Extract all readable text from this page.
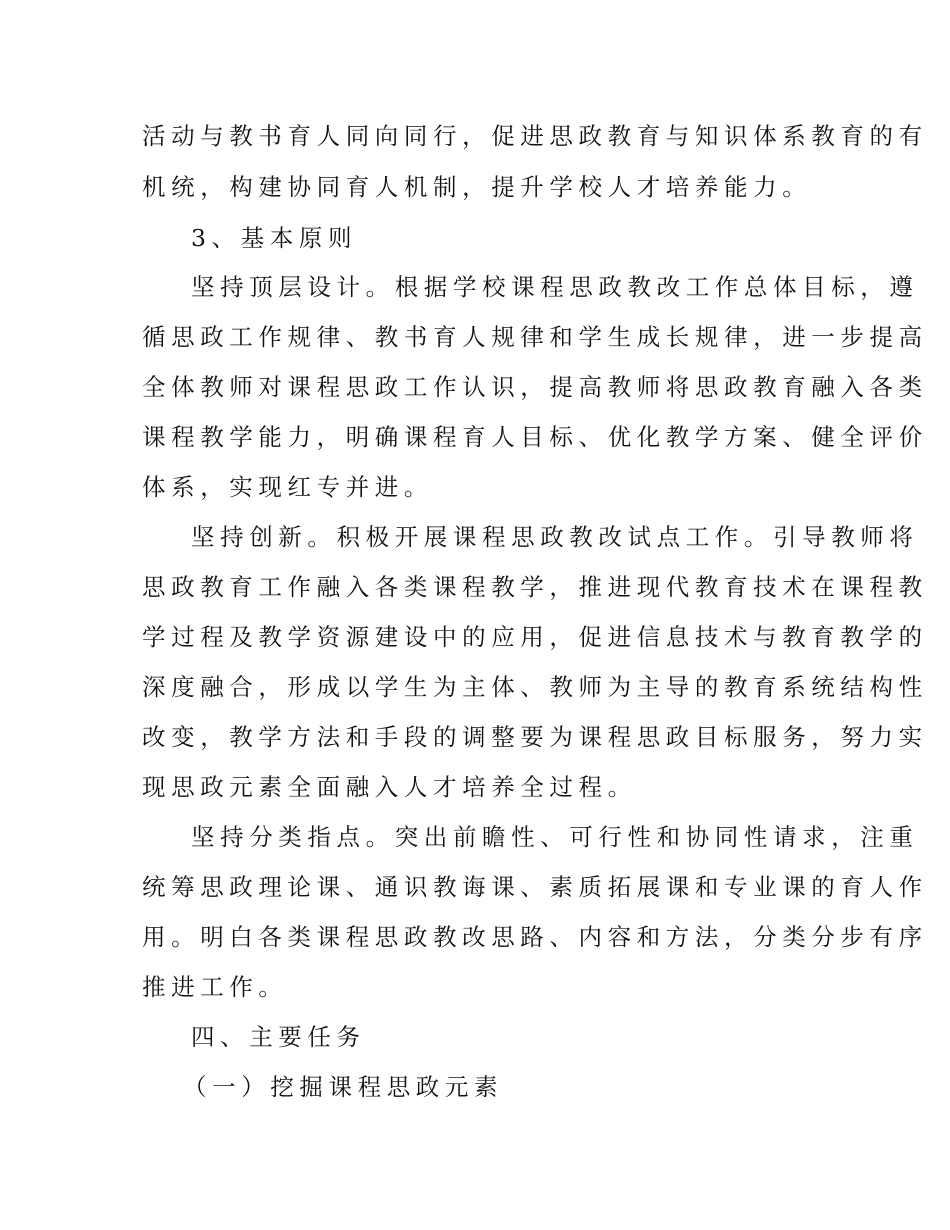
活动与教书育人同向同行，促进思政教育与知识体系教育的有
机统，构建协同育人机制，提升学校人才培养能力。
3、基本原则
坚持顶层设计。根据学校课程思政教改工作总体目标，遵
循思政工作规律、教书育人规律和学生成长规律，进一步提高
全体教师对课程思政工作认识，提高教师将思政教育融入各类
课程教学能力，明确课程育人目标、优化教学方案、健全评价
体系，实现红专并进。
坚持创新。积极开展课程思政教改试点工作。引导教师将
思政教育工作融入各类课程教学，推进现代教育技术在课程教
学过程及教学资源建设中的应用，促进信息技术与教育教学的
深度融合，形成以学生为主体、教师为主导的教育系统结构性
改变，教学方法和手段的调整要为课程思政目标服务，努力实
现思政元素全面融入人才培养全过程。
坚持分类指点。突出前瞻性、可行性和协同性请求，注重
统筹思政理论课、通识教诲课、素质拓展课和专业课的育人作
用。明白各类课程思政教改思路、内容和方法，分类分步有序
推进工作。
四、主要任务
（一）挖掘课程思政元素
